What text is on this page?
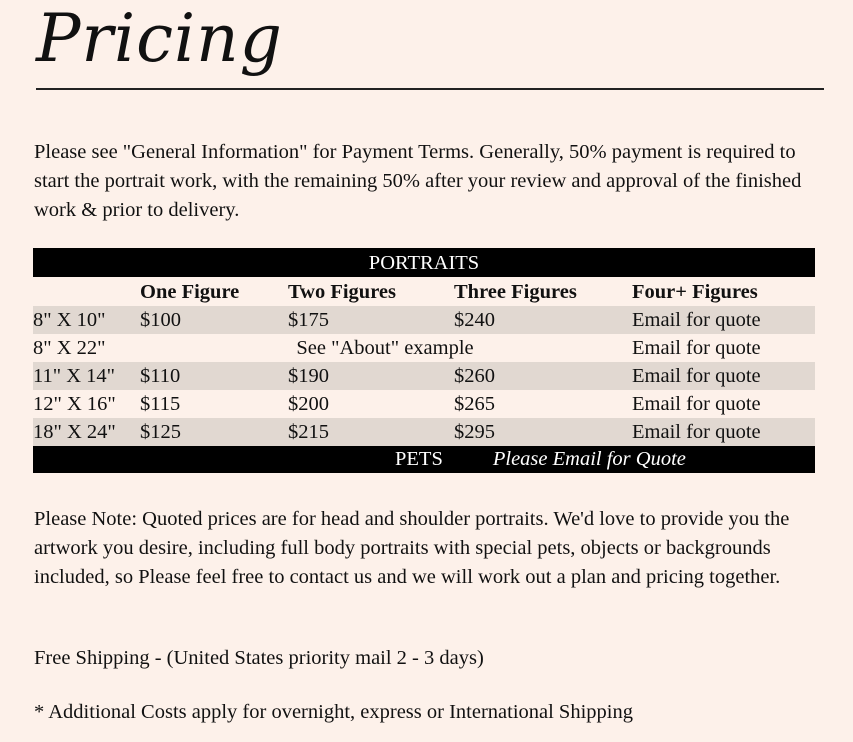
Pricing

Please see "General Information" for Payment Terms. Generally, 50% payment is required to start the portrait work, with the remaining 50% after your review and approval of the finished work & prior to delivery.

PORTRAITS				
	One Figure	Two Figures	Three Figures	Four+ Figures
8" X 10"	$100	$175	$240	Email for quote
8" X 22"	See "About" example			Email for quote
11" X 14"	$110	$190	$260	Email for quote
12" X 16"	$115	$200	$265	Email for quote
18" X 24"	$125	$215	$295	Email for quote
PETS Please Email for Quote				

Please Note: Quoted prices are for head and shoulder portraits. We'd love to provide you the artwork you desire, including full body portraits with special pets, objects or backgrounds included, so Please feel free to contact us and we will work out a plan and pricing together.

Free Shipping - (United States priority mail 2 - 3 days)

* Additional Costs apply for overnight, express or International Shipping
